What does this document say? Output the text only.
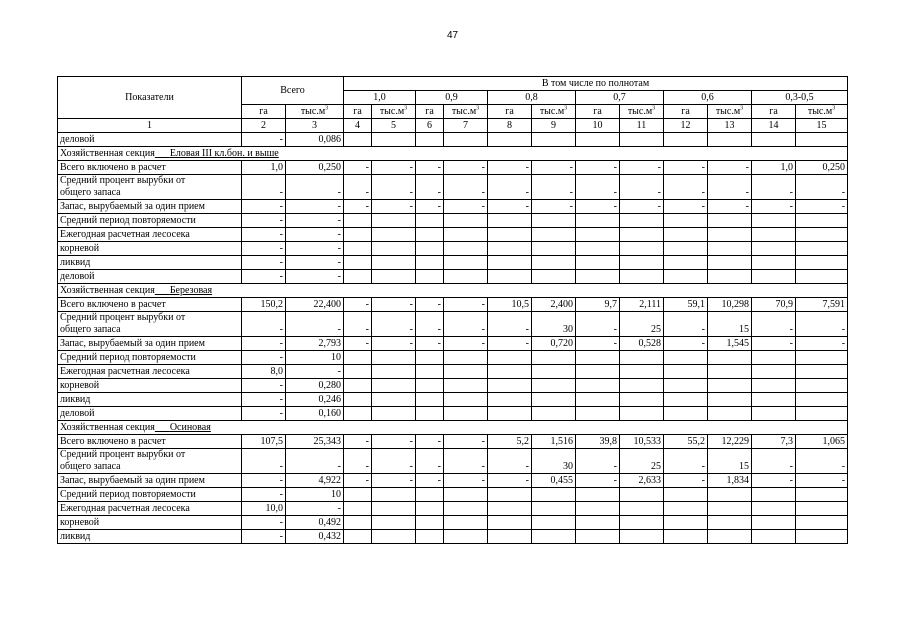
47
Показатели	Всего		В том числе по полнотам											
			1,0		0,9		0,8		0,7		0,6		0,3-0,5	
	га	$тыс.м^3$	га	$тыс.м^3$	га	$тыс.м^3$	га	$тыс.м^3$	га	$тыс.м^3$	га	$тыс.м^3$	га	$тыс.м^3$
1	2	3	4	5	6	7	8	9	10	11	12	13	14	15
деловой	-	0,086												
Хозяйственная секция Еловая III кл.бон. и выше														
Всего включено в расчет	1,0	0,250	-	-	-	-	-	-	-	-	-	-	1,0	0,250

Средний процент вырубки от
общего запаса	-	-	-	-	-	-	-	-	-	-	-	-	-	-
Запас, вырубаемый за один прием	-	-	-	-	-	-	-	-	-	-	-	-	-	-
Средний период повторяемости	-	-												
Ежегодная расчетная лесосека	-	-												
корневой	-	-												
ликвид	-	-												
деловой	-	-												
Хозяйственная секция Березовая														
Всего включено в расчет	150,2	22,400	-	-	-	-	10,5	2,400	9,7	2,111	59,1	10,298	70,9	7,591

Средний процент вырубки от
общего запаса	-	-	-	-	-	-	-	30	-	25	-	15	-	-
Запас, вырубаемый за один прием	-	2,793	-	-	-	-	-	0,720	-	0,528	-	1,545	-	-
Средний период повторяемости	-	10												
Ежегодная расчетная лесосека	8,0	-												
корневой	-	0,280												
ликвид	-	0,246												
деловой	-	0,160												
Хозяйственная секция Осиновая														
Всего включено в расчет	107,5	25,343	-	-	-	-	5,2	1,516	39,8	10,533	55,2	12,229	7,3	1,065

Средний процент вырубки от
общего запаса	-	-	-	-	-	-	-	30	-	25	-	15	-	-
Запас, вырубаемый за один прием	-	4,922	-	-	-	-	-	0,455	-	2,633	-	1,834	-	-
Средний период повторяемости	-	10												
Ежегодная расчетная лесосека	10,0	-												
корневой	-	0,492												
ликвид	-	0,432												
